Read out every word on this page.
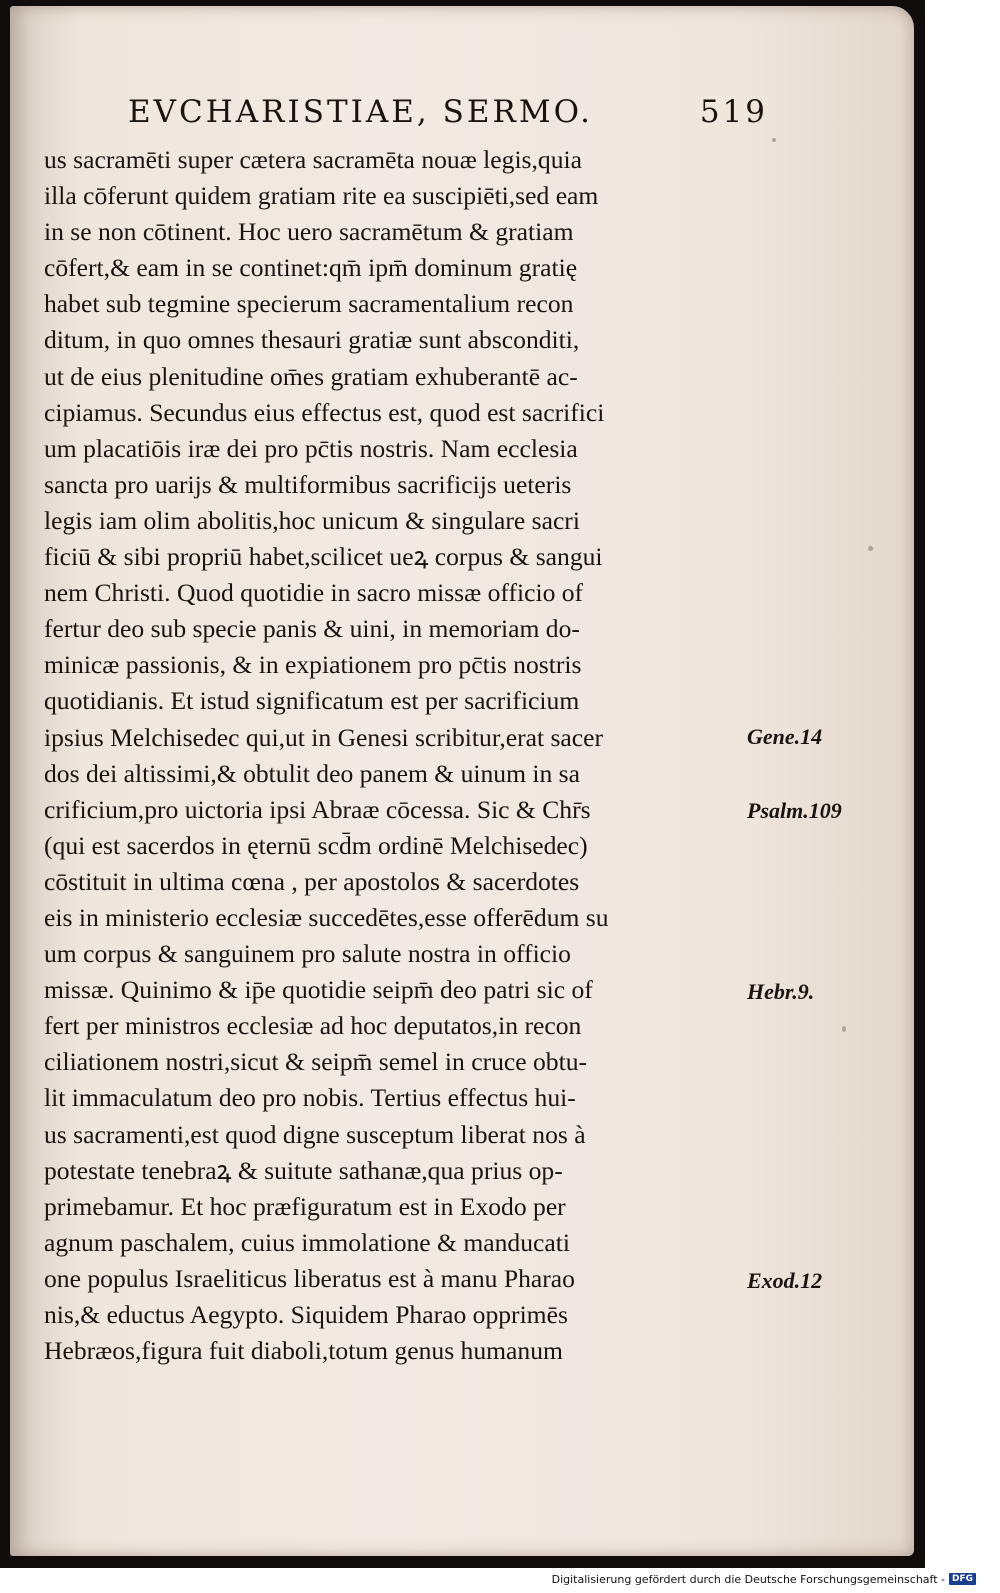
EVCHARISTIAE, SERMO.	519
us sacramēti super cætera sacramēta nouæ legis,quia
illa cōferunt quidem gratiam rite ea suscipiēti,sed eam
in se non cōtinent. Hoc uero sacramētum & gratiam
cōfert,& eam in se continet:qm̄ ipm̄ dominum gratię
habet sub tegmine specierum sacramentalium recon
ditum, in quo omnes thesauri gratiæ sunt absconditi,
ut de eius plenitudine om̄es gratiam exhuberantē ac-
cipiamus. Secundus eius effectus est, quod est sacrifici
um placatiōis iræ dei pro pc̄tis nostris. Nam ecclesia
sancta pro uarijs & multiformibus sacrificijs ueteris
legis iam olim abolitis,hoc unicum & singulare sacri
ficiū & sibi propriū habet,scilicet ueꝝ corpus & sangui
nem Christi. Quod quotidie in sacro missæ officio of
fertur deo sub specie panis & uini, in memoriam do-
minicæ passionis, & in expiationem pro pc̄tis nostris
quotidianis. Et istud significatum est per sacrificium
ipsius Melchisedec qui,ut in Genesi scribitur,erat sacer
dos dei altissimi,& obtulit deo panem & uinum in sa
crificium,pro uictoria ipsi Abraæ cōcessa. Sic & Chr̄s
(qui est sacerdos in ęternū scd̄m ordinē Melchisedec)
cōstituit in ultima cœna , per apostolos & sacerdotes
eis in ministerio ecclesiæ succedētes,esse offerēdum su
um corpus & sanguinem pro salute nostra in officio
missæ. Quinimo & ip̄e quotidie seipm̄ deo patri sic of
fert per ministros ecclesiæ ad hoc deputatos,in recon
ciliationem nostri,sicut & seipm̄ semel in cruce obtu-
lit immaculatum deo pro nobis. Tertius effectus hui-
us sacramenti,est quod digne susceptum liberat nos à
potestate tenebraꝝ & suitute sathanæ,qua prius op-
primebamur. Et hoc præfiguratum est in Exodo per
agnum paschalem, cuius immolatione & manducati
one populus Israeliticus liberatus est à manu Pharao
nis,& eductus Aegypto. Siquidem Pharao opprimēs
Hebræos,figura fuit diaboli,totum genus humanum
Gene.14
Psalm.109
Hebr.9.
Exod.12
Digitalisierung gefördert durch die Deutsche Forschungsgemeinschaft - DFG
